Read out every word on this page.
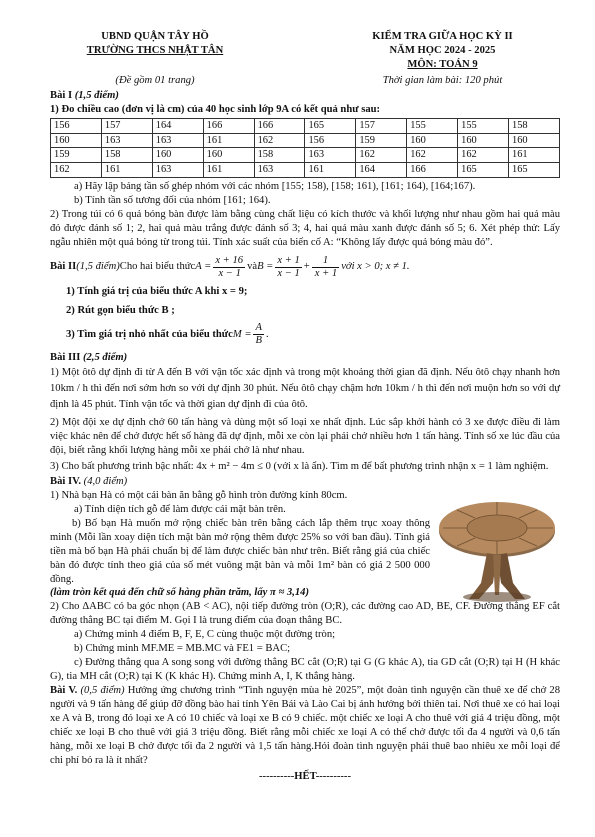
UBND QUẬN TÂY HỒ
TRƯỜNG THCS NHẬT TÂN
KIỂM TRA GIỮA HỌC KỲ II
NĂM HỌC 2024 - 2025
MÔN: TOÁN 9
(Đề gồm 01 trang)	Thời gian làm bài: 120 phút
Bài I (1,5 điểm)
1) Đo chiều cao (đơn vị là cm) của 40 học sinh lớp 9A có kết quả như sau:
156	157	164	166	166	165	157	155	155	158
160	163	163	161	162	156	159	160	160	160
159	158	160	160	158	163	162	162	162	161
162	161	163	161	163	161	164	166	165	165
a) Hãy lập bảng tần số ghép nhóm với các nhóm [155; 158), [158; 161), [161; 164), [164;167).
b) Tính tần số tương đối của nhóm [161; 164).
2) Trong túi có 6 quả bóng bàn được làm bằng cùng chất liệu có kích thước và khối lượng như nhau gồm hai quả màu đỏ được đánh số 1; 2, hai quả màu trắng được đánh số 3; 4, hai quả màu xanh được đánh số 5; 6. Xét phép thử: Lấy ngẫu nhiên một quả bóng từ trong túi. Tính xác suất của biến cố A: “Không lấy được quả bóng màu đỏ”.
Bài II (1,5 điểm) Cho hai biểu thức $A = \frac{x + 16}{x - 1}$ và $B = \frac{x + 1}{x - 1} + \frac{1}{x + 1}$ với x > 0; x ≠ 1.
1) Tính giá trị của biểu thức A khi x = 9;
2) Rút gọn biểu thức B ;
3) Tìm giá trị nhỏ nhất của biểu thức $M = \frac{A}{B}$ .
Bài III (2,5 điểm)
1) Một ôtô dự định đi từ A đến B với vận tốc xác định và trong một khoảng thời gian đã định. Nếu ôtô chạy nhanh hơn 10km / h thì đến nơi sớm hơn so với dự định 30 phút. Nếu ôtô chạy chậm hơn 10km / h thì đến nơi muộn hơn so với dự định là 45 phút. Tính vận tốc và thời gian dự định đi của ôtô.
2) Một đội xe dự định chở 60 tấn hàng và dùng một số loại xe nhất định. Lúc sắp khởi hành có 3 xe được điều đi làm việc khác nên để chở được hết số hàng đã dự định, mỗi xe còn lại phải chở nhiều hơn 1 tấn hàng. Tính số xe lúc đầu của đội, biết rằng khối lượng hàng mỗi xe phải chở là như nhau.
3) Cho bất phương trình bậc nhất: 4x + m² − 4m ≤ 0 (với x là ẩn). Tìm m để bất phương trình nhận x = 1 làm nghiệm.
Bài IV. (4,0 điểm)
1) Nhà bạn Hà có một cái bàn ăn bằng gỗ hình tròn đường kính 80cm.
a) Tính diện tích gỗ để làm được cái mặt bàn trên.
b) Bố bạn Hà muốn mở rộng chiếc bàn trên bằng cách lắp thêm trục xoay thông minh (Mỗi lần xoay diện tích mặt bàn mở rộng thêm được 25% so với ban đầu). Tính giá tiền mà bố bạn Hà phải chuẩn bị để làm được chiếc bàn như trên. Biết rằng giá của chiếc bàn đó được tính theo giá của số mét vuông mặt bàn và mỗi 1m² bàn có giá 2 500 000 đồng.
(làm tròn kết quả đến chữ số hàng phần trăm, lấy π ≈ 3,14)
2) Cho ΔABC có ba góc nhọn (AB < AC), nội tiếp đường tròn (O;R), các đường cao AD, BE, CF. Đường thẳng EF cắt đường thẳng BC tại điểm M. Gọi I là trung điểm của đoạn thẳng BC.
a) Chứng minh 4 điểm B, F, E, C cùng thuộc một đường tròn;
b) Chứng minh MF.ME = MB.MC và FE1 = BAC;
c) Đường thẳng qua A song song với đường thẳng BC cắt (O;R) tại G (G khác A), tia GD cắt (O;R) tại H (H khác G), tia MH cắt (O;R) tại K (K khác H). Chứng minh A, I, K thẳng hàng.
Bài V. (0,5 điểm) Hưởng ứng chương trình “Tình nguyện mùa hè 2025”, một đoàn tình nguyện cần thuê xe để chở 28 người và 9 tấn hàng để giúp đỡ đồng bào hai tỉnh Yên Bái và Lào Cai bị ảnh hưởng bởi thiên tai. Nơi thuê xe có hai loại xe A và B, trong đó loại xe A có 10 chiếc và loại xe B có 9 chiếc. một chiếc xe loại A cho thuê với giá 4 triệu đồng, một chiếc xe loại B cho thuê với giá 3 triệu đồng. Biết rằng mỗi chiếc xe loại A có thể chở được tối đa 4 người và 0,6 tấn hàng, mỗi xe loại B chở được tối đa 2 người và 1,5 tấn hàng.Hỏi đoàn tình nguyện phải thuê bao nhiêu xe mỗi loại để chi phí bỏ ra là ít nhất?
----------HẾT----------
